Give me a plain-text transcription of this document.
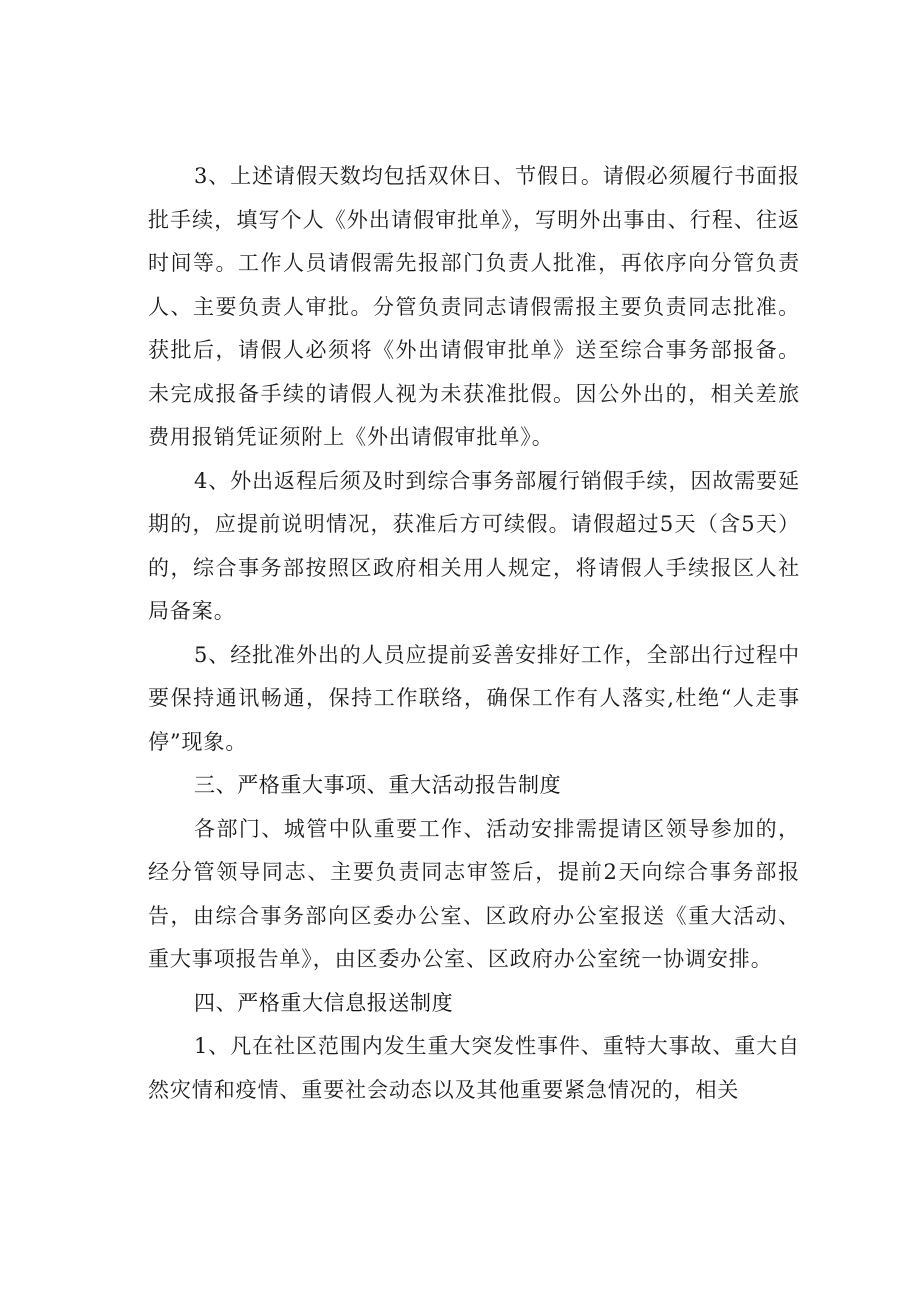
3、上述请假天数均包括双休日、节假日。请假必须履行书面报批手续，填写个人《外出请假审批单》，写明外出事由、行程、往返时间等。工作人员请假需先报部门负责人批准，再依序向分管负责人、主要负责人审批。分管负责同志请假需报主要负责同志批准。获批后，请假人必须将《外出请假审批单》送至综合事务部报备。未完成报备手续的请假人视为未获准批假。因公外出的，相关差旅费用报销凭证须附上《外出请假审批单》。

4、外出返程后须及时到综合事务部履行销假手续，因故需要延期的，应提前说明情况，获准后方可续假。请假超过5天（含5天）的，综合事务部按照区政府相关用人规定，将请假人手续报区人社局备案。

5、经批准外出的人员应提前妥善安排好工作，全部出行过程中要保持通讯畅通，保持工作联络，确保工作有人落实,杜绝“人走事停”现象。

三、严格重大事项、重大活动报告制度

各部门、城管中队重要工作、活动安排需提请区领导参加的，经分管领导同志、主要负责同志审签后，提前2天向综合事务部报告，由综合事务部向区委办公室、区政府办公室报送《重大活动、重大事项报告单》，由区委办公室、区政府办公室统一协调安排。

四、严格重大信息报送制度

1、凡在社区范围内发生重大突发性事件、重特大事故、重大自然灾情和疫情、重要社会动态以及其他重要紧急情况的，相关
